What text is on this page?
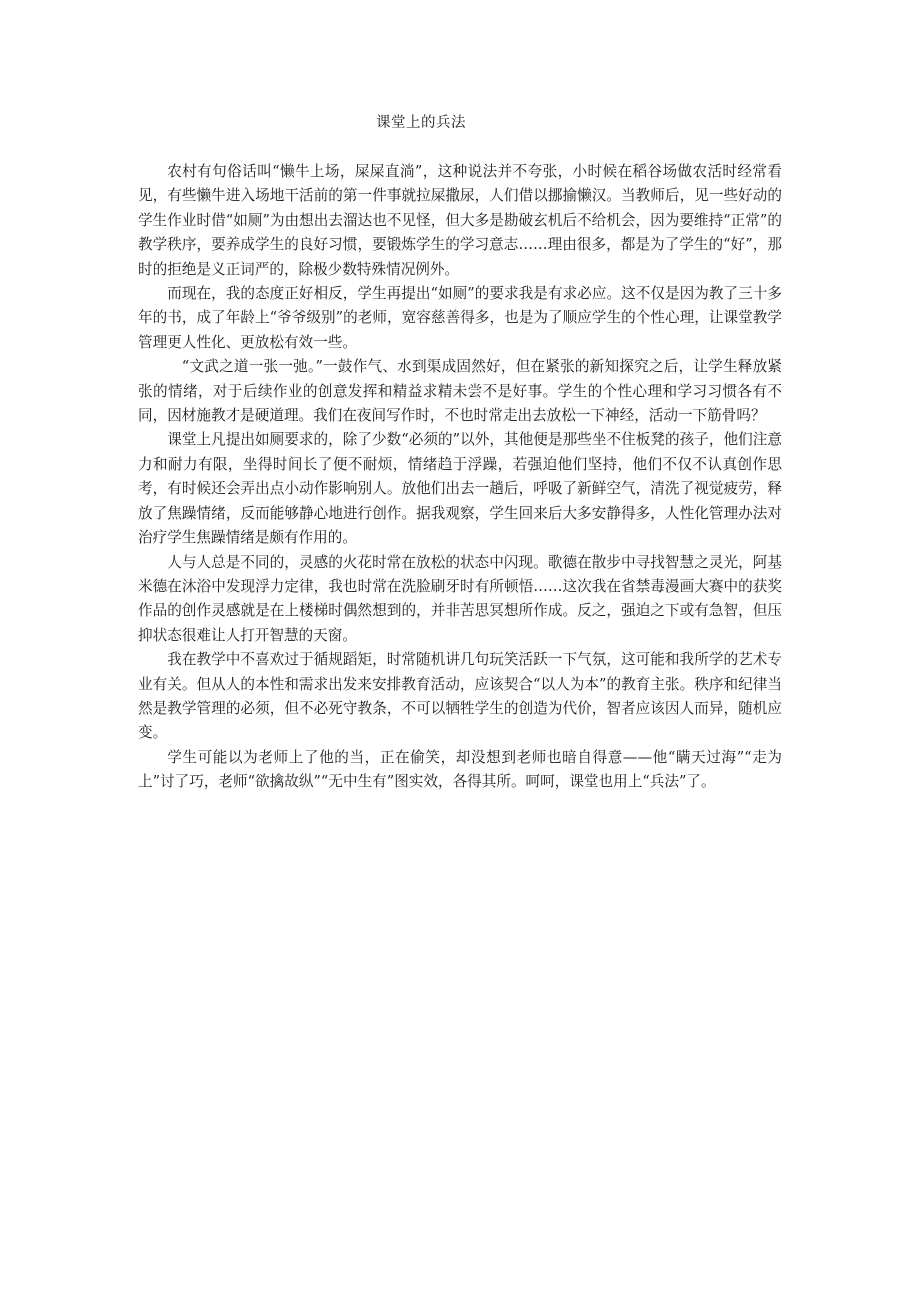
课堂上的兵法

农村有句俗话叫“懒牛上场，屎屎直淌”，这种说法并不夸张，小时候在稻谷场做农活时经常看见，有些懒牛进入场地干活前的第一件事就拉屎撒尿，人们借以挪揄懒汉。当教师后，见一些好动的学生作业时借“如厕”为由想出去溜达也不见怪，但大多是勘破玄机后不给机会，因为要维持“正常”的教学秩序，要养成学生的良好习惯，要锻炼学生的学习意志……理由很多，都是为了学生的“好”，那时的拒绝是义正词严的，除极少数特殊情况例外。

而现在，我的态度正好相反，学生再提出“如厕”的要求我是有求必应。这不仅是因为教了三十多年的书，成了年龄上“爷爷级别”的老师，宽容慈善得多，也是为了顺应学生的个性心理，让课堂教学管理更人性化、更放松有效一些。

“文武之道一张一弛。”一鼓作气、水到渠成固然好，但在紧张的新知探究之后，让学生释放紧张的情绪，对于后续作业的创意发挥和精益求精未尝不是好事。学生的个性心理和学习习惯各有不同，因材施教才是硬道理。我们在夜间写作时，不也时常走出去放松一下神经，活动一下筋骨吗？

课堂上凡提出如厕要求的，除了少数“必须的”以外，其他便是那些坐不住板凳的孩子，他们注意力和耐力有限，坐得时间长了便不耐烦，情绪趋于浮躁，若强迫他们坚持，他们不仅不认真创作思考，有时候还会弄出点小动作影响别人。放他们出去一趟后，呼吸了新鲜空气，清洗了视觉疲劳，释放了焦躁情绪，反而能够静心地进行创作。据我观察，学生回来后大多安静得多，人性化管理办法对治疗学生焦躁情绪是颇有作用的。

人与人总是不同的，灵感的火花时常在放松的状态中闪现。歌德在散步中寻找智慧之灵光，阿基米德在沐浴中发现浮力定律，我也时常在洗脸刷牙时有所顿悟……这次我在省禁毒漫画大赛中的获奖作品的创作灵感就是在上楼梯时偶然想到的，并非苦思冥想所作成。反之，强迫之下或有急智，但压抑状态很难让人打开智慧的天窗。

我在教学中不喜欢过于循规蹈矩，时常随机讲几句玩笑活跃一下气氛，这可能和我所学的艺术专业有关。但从人的本性和需求出发来安排教育活动，应该契合“以人为本”的教育主张。秩序和纪律当然是教学管理的必须，但不必死守教条，不可以牺牲学生的创造为代价，智者应该因人而异，随机应变。

学生可能以为老师上了他的当，正在偷笑，却没想到老师也暗自得意——他“瞒天过海”“走为上”讨了巧，老师“欲擒故纵”“无中生有”图实效，各得其所。呵呵，课堂也用上“兵法”了。
